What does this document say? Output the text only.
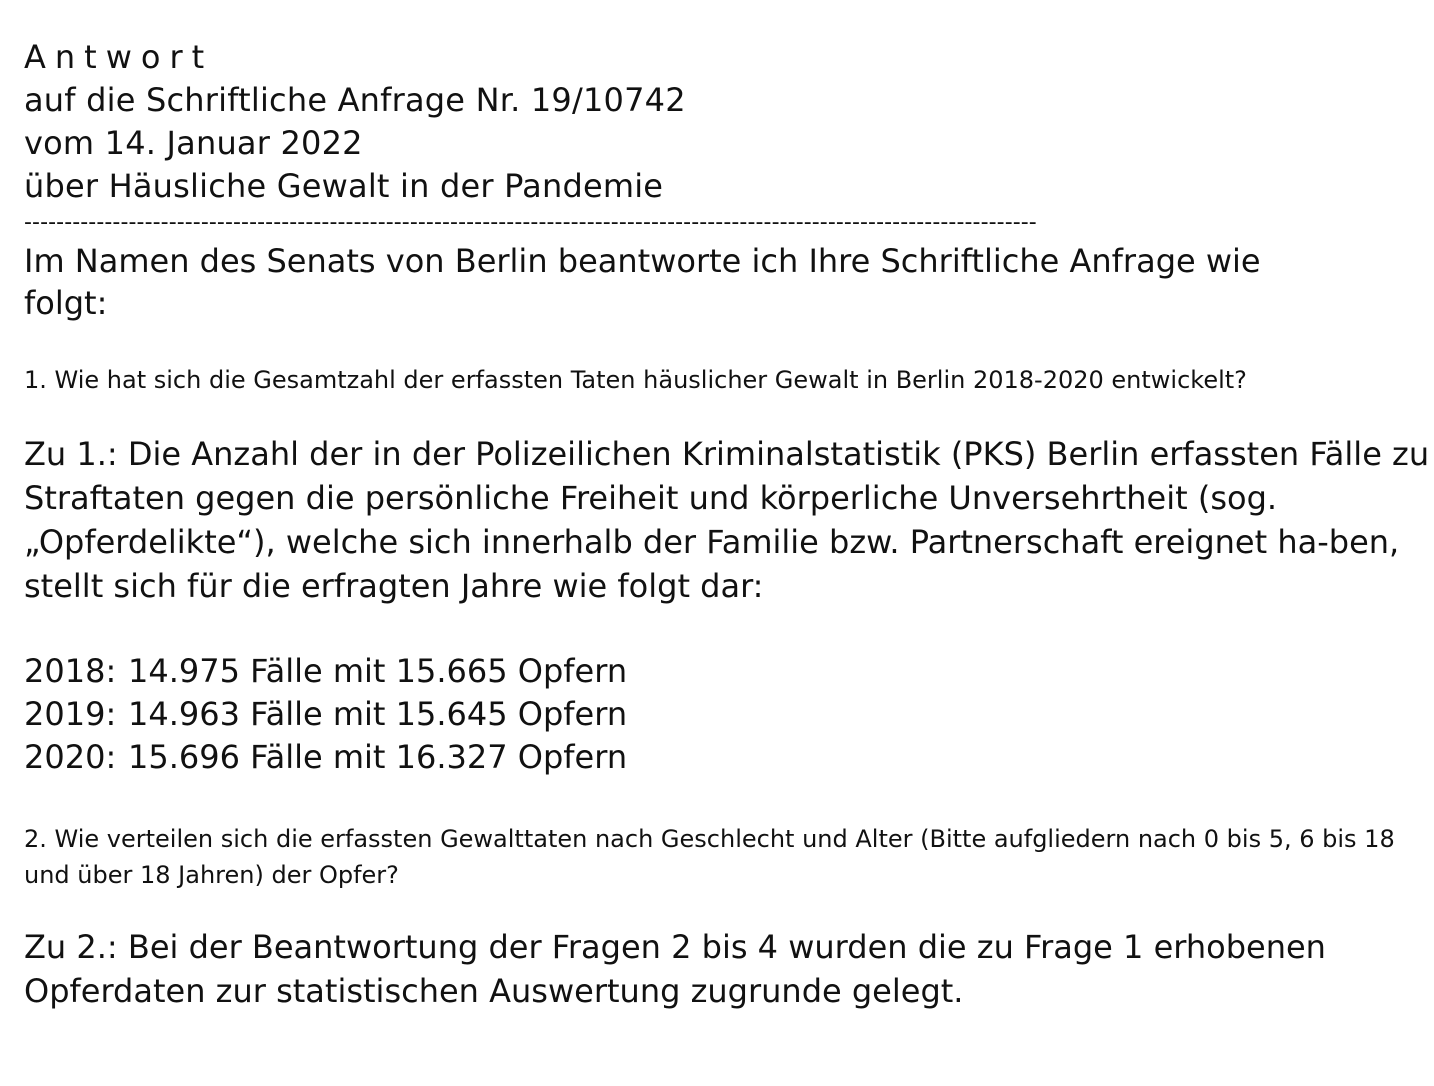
Antwort
auf die Schriftliche Anfrage Nr. 19/10742
vom 14. Januar 2022
über Häusliche Gewalt in der Pandemie
------------------------------------------------------------------------------------------------------------------------------
Im Namen des Senats von Berlin beantworte ich Ihre Schriftliche Anfrage wie folgt:
1. Wie hat sich die Gesamtzahl der erfassten Taten häuslicher Gewalt in Berlin 2018-2020 entwickelt?
Zu 1.: Die Anzahl der in der Polizeilichen Kriminalstatistik (PKS) Berlin erfassten Fälle zu Straftaten gegen die persönliche Freiheit und körperliche Unversehrtheit (sog. „Opferdelikte“), welche sich innerhalb der Familie bzw. Partnerschaft ereignet ha-ben, stellt sich für die erfragten Jahre wie folgt dar:
2018: 14.975 Fälle mit 15.665 Opfern
2019: 14.963 Fälle mit 15.645 Opfern
2020: 15.696 Fälle mit 16.327 Opfern
2. Wie verteilen sich die erfassten Gewalttaten nach Geschlecht und Alter (Bitte aufgliedern nach 0 bis 5, 6 bis 18 und über 18 Jahren) der Opfer?
Zu 2.: Bei der Beantwortung der Fragen 2 bis 4 wurden die zu Frage 1 erhobenen Opferdaten zur statistischen Auswertung zugrunde gelegt.
